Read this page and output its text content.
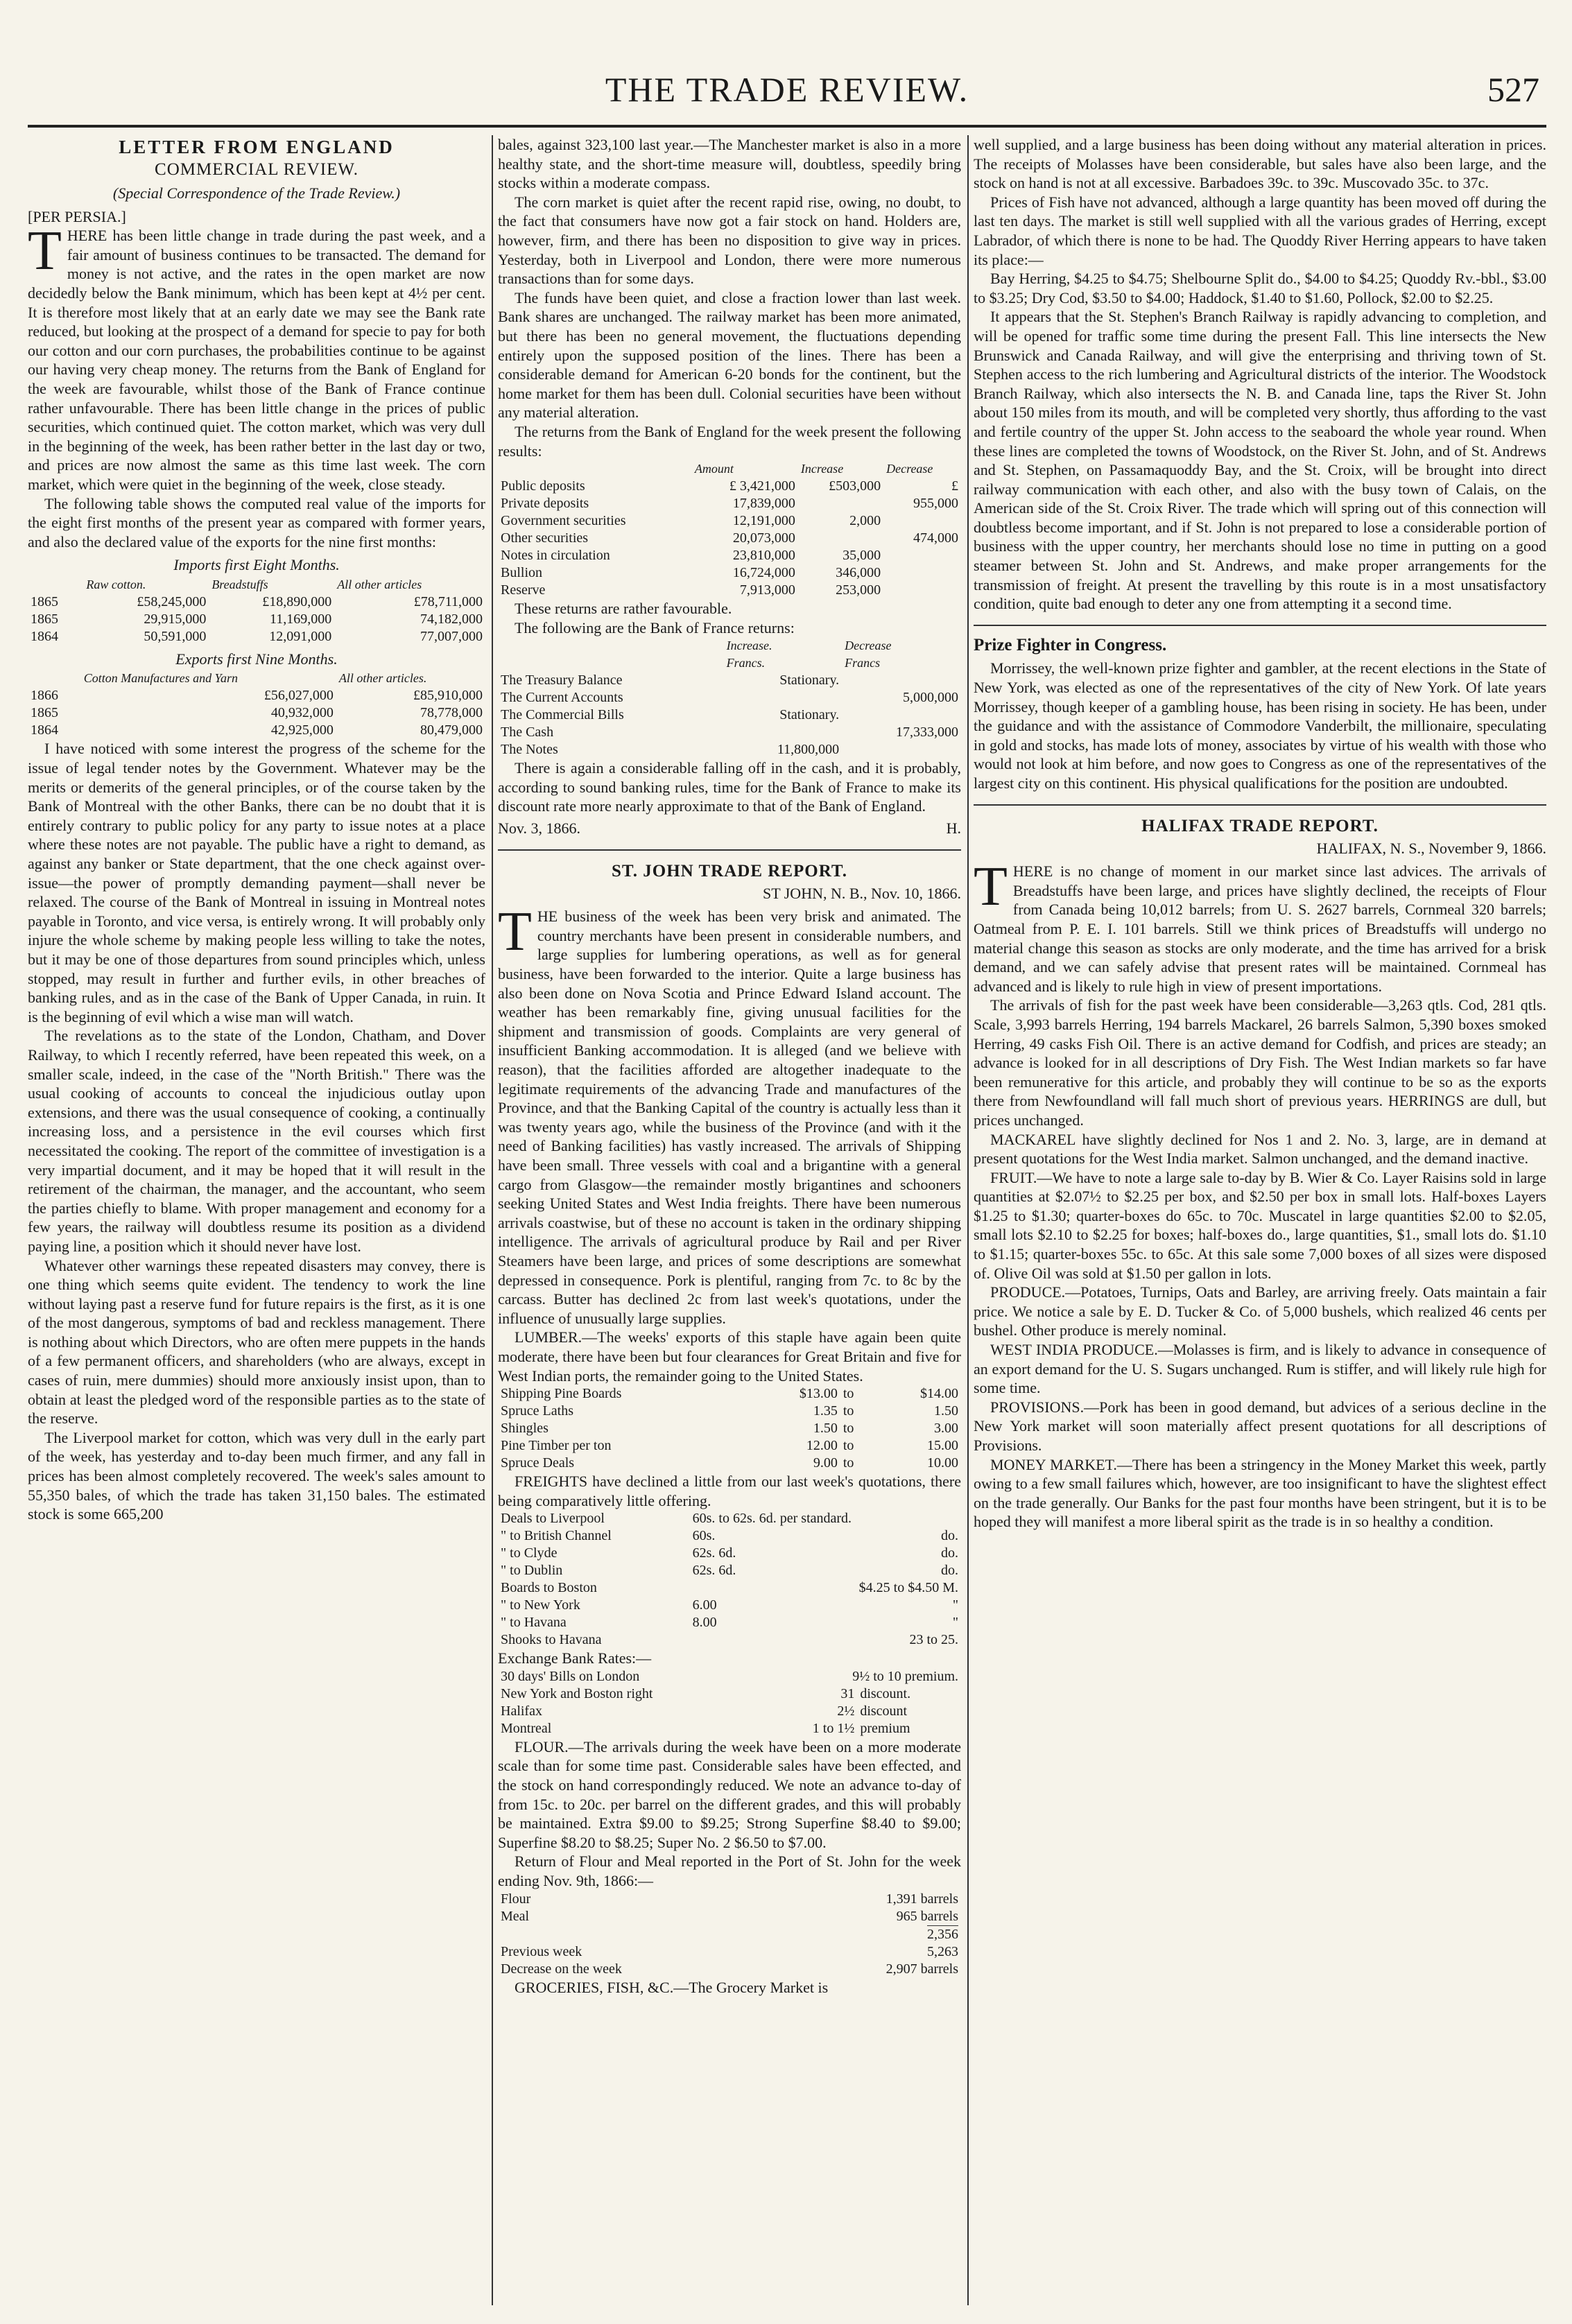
THE TRADE REVIEW.	527
LETTER FROM ENGLAND
COMMERCIAL REVIEW.
(Special Correspondence of the Trade Review.)

[PER PERSIA.]

THERE has been little change in trade during the past week, and a fair amount of business continues to be transacted. The demand for money is not active, and the rates in the open market are now decidedly below the Bank minimum, which has been kept at 4½ per cent. It is therefore most likely that at an early date we may see the Bank rate reduced, but looking at the prospect of a demand for specie to pay for both our cotton and our corn purchases, the probabilities continue to be against our having very cheap money. The returns from the Bank of England for the week are favourable, whilst those of the Bank of France continue rather unfavourable. There has been little change in the prices of public securities, which continued quiet. The cotton market, which was very dull in the beginning of the week, has been rather better in the last day or two, and prices are now almost the same as this time last week. The corn market, which were quiet in the beginning of the week, close steady.

The following table shows the computed real value of the imports for the eight first months of the present year as compared with former years, and also the declared value of the exports for the nine first months:

Imports first Eight Months.
	Raw cotton.	Breadstuffs	All other articles
1865	£58,245,000	£18,890,000	£78,711,000
1865	29,915,000	11,169,000	74,182,000
1864	50,591,000	12,091,000	77,007,000
Exports first Nine Months.
	Cotton Manufactures and Yarn	All other articles.
1866	£56,027,000	£85,910,000
1865	40,932,000	78,778,000
1864	42,925,000	80,479,000

I have noticed with some interest the progress of the scheme for the issue of legal tender notes by the Government. Whatever may be the merits or demerits of the general principles, or of the course taken by the Bank of Montreal with the other Banks, there can be no doubt that it is entirely contrary to public policy for any party to issue notes at a place where these notes are not payable. The public have a right to demand, as against any banker or State department, that the one check against over-issue—the power of promptly demanding payment—shall never be relaxed. The course of the Bank of Montreal in issuing in Montreal notes payable in Toronto, and vice versa, is entirely wrong. It will probably only injure the whole scheme by making people less willing to take the notes, but it may be one of those departures from sound principles which, unless stopped, may result in further and further evils, in other breaches of banking rules, and as in the case of the Bank of Upper Canada, in ruin. It is the beginning of evil which a wise man will watch.

The revelations as to the state of the London, Chatham, and Dover Railway, to which I recently referred, have been repeated this week, on a smaller scale, indeed, in the case of the "North British." There was the usual cooking of accounts to conceal the injudicious outlay upon extensions, and there was the usual consequence of cooking, a continually increasing loss, and a persistence in the evil courses which first necessitated the cooking. The report of the committee of investigation is a very impartial document, and it may be hoped that it will result in the retirement of the chairman, the manager, and the accountant, who seem the parties chiefly to blame. With proper management and economy for a few years, the railway will doubtless resume its position as a dividend paying line, a position which it should never have lost.

Whatever other warnings these repeated disasters may convey, there is one thing which seems quite evident. The tendency to work the line without laying past a reserve fund for future repairs is the first, as it is one of the most dangerous, symptoms of bad and reckless management. There is nothing about which Directors, who are often mere puppets in the hands of a few permanent officers, and shareholders (who are always, except in cases of ruin, mere dummies) should more anxiously insist upon, than to obtain at least the pledged word of the responsible parties as to the state of the reserve.

The Liverpool market for cotton, which was very dull in the early part of the week, has yesterday and to-day been much firmer, and any fall in prices has been almost completely recovered. The week's sales amount to 55,350 bales, of which the trade has taken 31,150 bales. The estimated stock is some 665,200

bales, against 323,100 last year.—The Manchester market is also in a more healthy state, and the short-time measure will, doubtless, speedily bring stocks within a moderate compass.

The corn market is quiet after the recent rapid rise, owing, no doubt, to the fact that consumers have now got a fair stock on hand. Holders are, however, firm, and there has been no disposition to give way in prices. Yesterday, both in Liverpool and London, there were more numerous transactions than for some days.

The funds have been quiet, and close a fraction lower than last week. Bank shares are unchanged. The railway market has been more animated, but there has been no general movement, the fluctuations depending entirely upon the supposed position of the lines. There has been a considerable demand for American 6-20 bonds for the continent, but the home market for them has been dull. Colonial securities have been without any material alteration.

The returns from the Bank of England for the week present the following results:

	Amount	Increase	Decrease
Public deposits	£ 3,421,000	£503,000	£
Private deposits	17,839,000		955,000
Government securities	12,191,000	2,000	
Other securities	20,073,000		474,000
Notes in circulation	23,810,000	35,000	
Bullion	16,724,000	346,000	
Reserve	7,913,000	253,000	

These returns are rather favourable.

The following are the Bank of France returns:

	Increase.	Decrease
	Francs.	Francs
The Treasury Balance	Stationary.	
The Current Accounts		5,000,000
The Commercial Bills	Stationary.	
The Cash		17,333,000
The Notes	11,800,000	

There is again a considerable falling off in the cash, and it is probably, according to sound banking rules, time for the Bank of France to make its discount rate more nearly approximate to that of the Bank of England.

Nov. 3, 1866.	H.
ST. JOHN TRADE REPORT.
ST JOHN, N. B., Nov. 10, 1866.

THE business of the week has been very brisk and animated. The country merchants have been present in considerable numbers, and large supplies for lumbering operations, as well as for general business, have been forwarded to the interior. Quite a large business has also been done on Nova Scotia and Prince Edward Island account. The weather has been remarkably fine, giving unusual facilities for the shipment and transmission of goods. Complaints are very general of insufficient Banking accommodation. It is alleged (and we believe with reason), that the facilities afforded are altogether inadequate to the legitimate requirements of the advancing Trade and manufactures of the Province, and that the Banking Capital of the country is actually less than it was twenty years ago, while the business of the Province (and with it the need of Banking facilities) has vastly increased. The arrivals of Shipping have been small. Three vessels with coal and a brigantine with a general cargo from Glasgow—the remainder mostly brigantines and schooners seeking United States and West India freights. There have been numerous arrivals coastwise, but of these no account is taken in the ordinary shipping intelligence. The arrivals of agricultural produce by Rail and per River Steamers have been large, and prices of some descriptions are somewhat depressed in consequence. Pork is plentiful, ranging from 7c. to 8c by the carcass. Butter has declined 2c from last week's quotations, under the influence of unusually large supplies.

LUMBER.—The weeks' exports of this staple have again been quite moderate, there have been but four clearances for Great Britain and five for West Indian ports, the remainder going to the United States.

Shipping Pine Boards	$13.00	to	$14.00
Spruce Laths	1.35	to	1.50
Shingles	1.50	to	3.00
Pine Timber per ton	12.00	to	15.00
Spruce Deals	9.00	to	10.00

FREIGHTS have declined a little from our last week's quotations, there being comparatively little offering.

Deals to Liverpool	60s. to 62s. 6d. per standard.	
" to British Channel	60s.	do.
" to Clyde	62s. 6d.	do.
" to Dublin	62s. 6d.	do.
Boards to Boston	$4.25 to $4.50 M.	
" to New York	6.00	"
" to Havana	8.00	"
Shooks to Havana	23 to 25.	

Exchange Bank Rates:—

30 days' Bills on London	9½ to 10 premium.	
New York and Boston right	31	discount.
Halifax	2½	discount
Montreal	1 to 1½	premium

FLOUR.—The arrivals during the week have been on a more moderate scale than for some time past. Considerable sales have been effected, and the stock on hand correspondingly reduced. We note an advance to-day of from 15c. to 20c. per barrel on the different grades, and this will probably be maintained. Extra $9.00 to $9.25; Strong Superfine $8.40 to $9.00; Superfine $8.20 to $8.25; Super No. 2 $6.50 to $7.00.

Return of Flour and Meal reported in the Port of St. John for the week ending Nov. 9th, 1866:—

Flour	1,391 barrels
Meal	965 barrels
	2,356
Previous week	5,263
Decrease on the week	2,907 barrels

GROCERIES, FISH, &C.—The Grocery Market is

well supplied, and a large business has been doing without any material alteration in prices. The receipts of Molasses have been considerable, but sales have also been large, and the stock on hand is not at all excessive. Barbadoes 39c. to 39c. Muscovado 35c. to 37c.

Prices of Fish have not advanced, although a large quantity has been moved off during the last ten days. The market is still well supplied with all the various grades of Herring, except Labrador, of which there is none to be had. The Quoddy River Herring appears to have taken its place:—

Bay Herring, $4.25 to $4.75; Shelbourne Split do., $4.00 to $4.25; Quoddy Rv.-bbl., $3.00 to $3.25; Dry Cod, $3.50 to $4.00; Haddock, $1.40 to $1.60, Pollock, $2.00 to $2.25.

It appears that the St. Stephen's Branch Railway is rapidly advancing to completion, and will be opened for traffic some time during the present Fall. This line intersects the New Brunswick and Canada Railway, and will give the enterprising and thriving town of St. Stephen access to the rich lumbering and Agricultural districts of the interior. The Woodstock Branch Railway, which also intersects the N. B. and Canada line, taps the River St. John about 150 miles from its mouth, and will be completed very shortly, thus affording to the vast and fertile country of the upper St. John access to the seaboard the whole year round. When these lines are completed the towns of Woodstock, on the River St. John, and of St. Andrews and St. Stephen, on Passamaquoddy Bay, and the St. Croix, will be brought into direct railway communication with each other, and also with the busy town of Calais, on the American side of the St. Croix River. The trade which will spring out of this connection will doubtless become important, and if St. John is not prepared to lose a considerable portion of business with the upper country, her merchants should lose no time in putting on a good steamer between St. John and St. Andrews, and make proper arrangements for the transmission of freight. At present the travelling by this route is in a most unsatisfactory condition, quite bad enough to deter any one from attempting it a second time.

Prize Fighter in Congress.

Morrissey, the well-known prize fighter and gambler, at the recent elections in the State of New York, was elected as one of the representatives of the city of New York. Of late years Morrissey, though keeper of a gambling house, has been rising in society. He has been, under the guidance and with the assistance of Commodore Vanderbilt, the millionaire, speculating in gold and stocks, has made lots of money, associates by virtue of his wealth with those who would not look at him before, and now goes to Congress as one of the representatives of the largest city on this continent. His physical qualifications for the position are undoubted.

HALIFAX TRADE REPORT.
HALIFAX, N. S., November 9, 1866.

THERE is no change of moment in our market since last advices. The arrivals of Breadstuffs have been large, and prices have slightly declined, the receipts of Flour from Canada being 10,012 barrels; from U. S. 2627 barrels, Cornmeal 320 barrels; Oatmeal from P. E. I. 101 barrels. Still we think prices of Breadstuffs will undergo no material change this season as stocks are only moderate, and the time has arrived for a brisk demand, and we can safely advise that present rates will be maintained. Cornmeal has advanced and is likely to rule high in view of present importations.

The arrivals of fish for the past week have been considerable—3,263 qtls. Cod, 281 qtls. Scale, 3,993 barrels Herring, 194 barrels Mackarel, 26 barrels Salmon, 5,390 boxes smoked Herring, 49 casks Fish Oil. There is an active demand for Codfish, and prices are steady; an advance is looked for in all descriptions of Dry Fish. The West Indian markets so far have been remunerative for this article, and probably they will continue to be so as the exports there from Newfoundland will fall much short of previous years. HERRINGS are dull, but prices unchanged.

MACKAREL have slightly declined for Nos 1 and 2. No. 3, large, are in demand at present quotations for the West India market. Salmon unchanged, and the demand inactive.

FRUIT.—We have to note a large sale to-day by B. Wier & Co. Layer Raisins sold in large quantities at $2.07½ to $2.25 per box, and $2.50 per box in small lots. Half-boxes Layers $1.25 to $1.30; quarter-boxes do 65c. to 70c. Muscatel in large quantities $2.00 to $2.05, small lots $2.10 to $2.25 for boxes; half-boxes do., large quantities, $1., small lots do. $1.10 to $1.15; quarter-boxes 55c. to 65c. At this sale some 7,000 boxes of all sizes were disposed of. Olive Oil was sold at $1.50 per gallon in lots.

PRODUCE.—Potatoes, Turnips, Oats and Barley, are arriving freely. Oats maintain a fair price. We notice a sale by E. D. Tucker & Co. of 5,000 bushels, which realized 46 cents per bushel. Other produce is merely nominal.

WEST INDIA PRODUCE.—Molasses is firm, and is likely to advance in consequence of an export demand for the U. S. Sugars unchanged. Rum is stiffer, and will likely rule high for some time.

PROVISIONS.—Pork has been in good demand, but advices of a serious decline in the New York market will soon materially affect present quotations for all descriptions of Provisions.

MONEY MARKET.—There has been a stringency in the Money Market this week, partly owing to a few small failures which, however, are too insignificant to have the slightest effect on the trade generally. Our Banks for the past four months have been stringent, but it is to be hoped they will manifest a more liberal spirit as the trade is in so healthy a condition.
